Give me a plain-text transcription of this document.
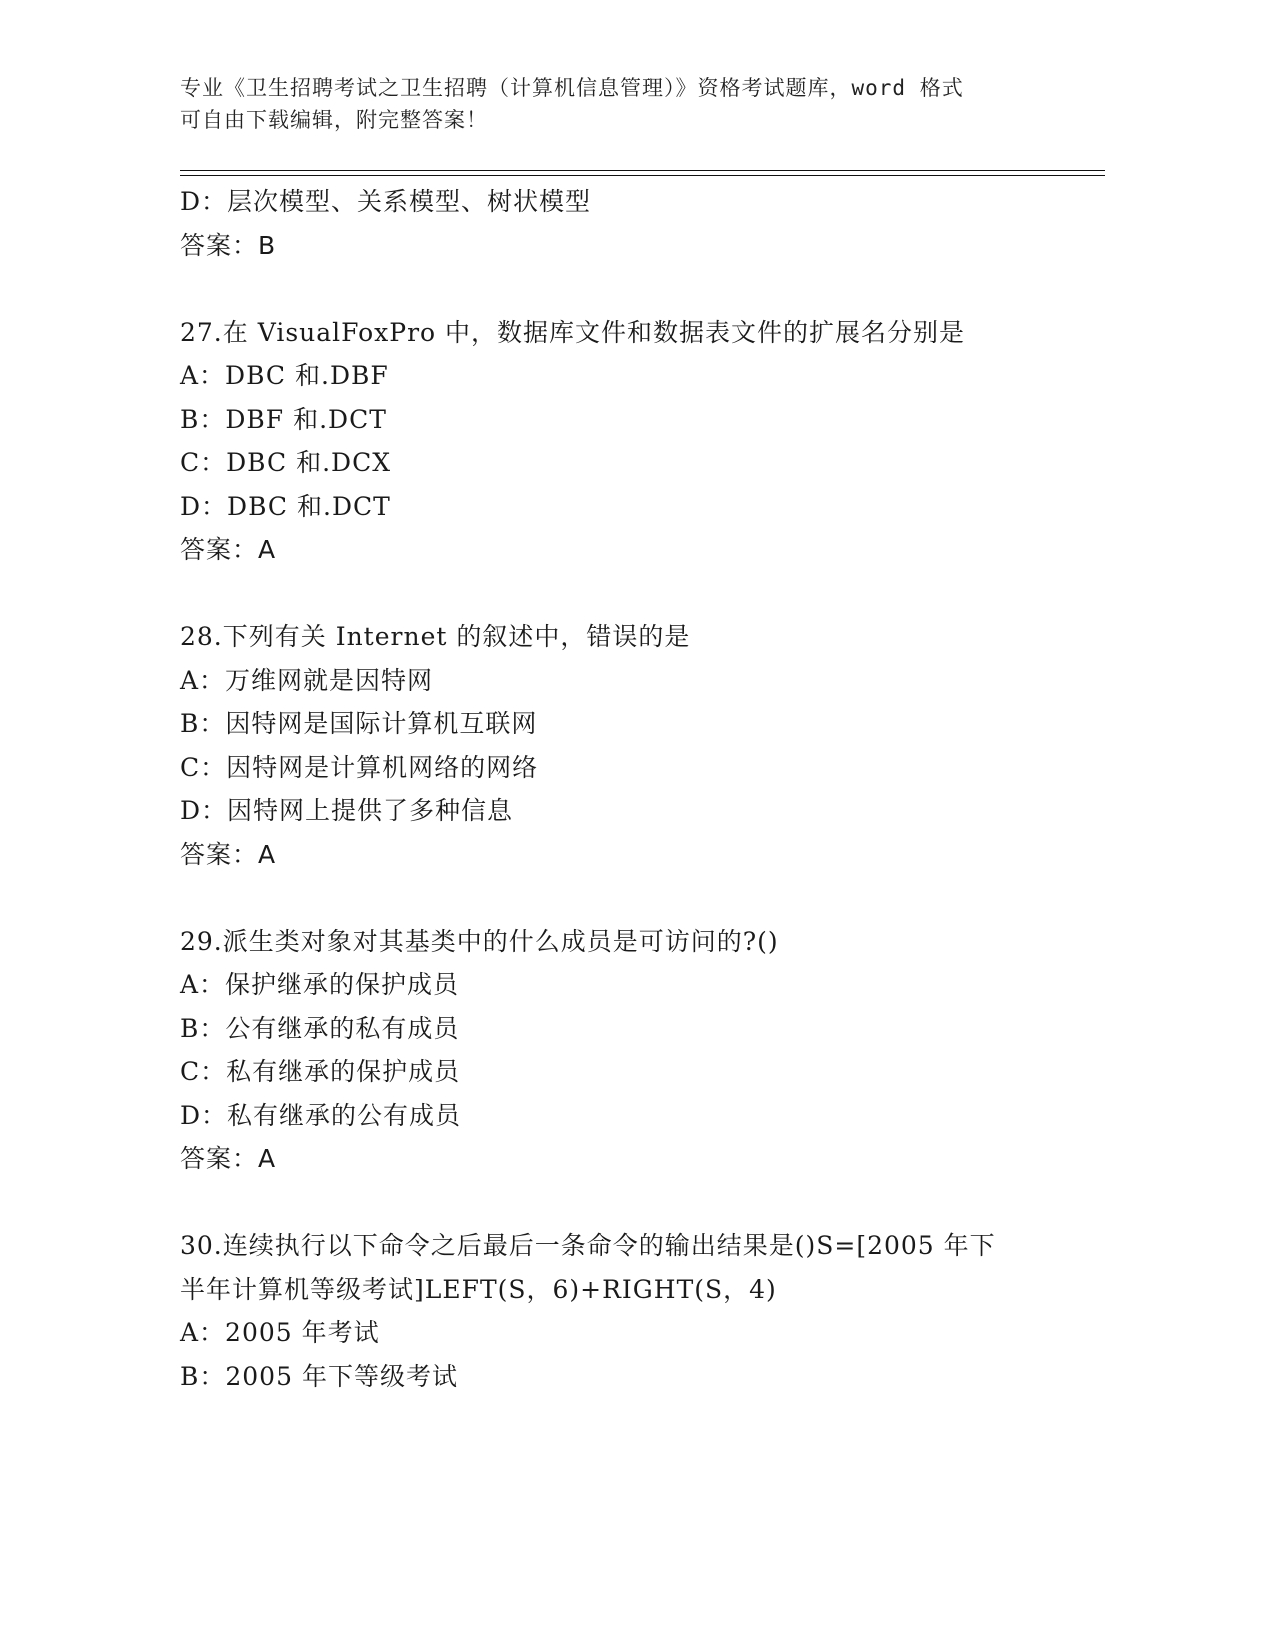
专业《卫生招聘考试之卫生招聘（计算机信息管理）》资格考试题库，word 格式
可自由下载编辑，附完整答案！
D：层次模型、关系模型、树状模型
答案：B
27.在 VisualFoxPro 中，数据库文件和数据表文件的扩展名分别是
A：DBC 和.DBF
B：DBF 和.DCT
C：DBC 和.DCX
D：DBC 和.DCT
答案：A
28.下列有关 Internet 的叙述中，错误的是
A：万维网就是因特网
B：因特网是国际计算机互联网
C：因特网是计算机网络的网络
D：因特网上提供了多种信息
答案：A
29.派生类对象对其基类中的什么成员是可访问的?()
A：保护继承的保护成员
B：公有继承的私有成员
C：私有继承的保护成员
D：私有继承的公有成员
答案：A
30.连续执行以下命令之后最后一条命令的输出结果是()S=[2005 年下
半年计算机等级考试]LEFT(S，6)+RIGHT(S，4)
A：2005 年考试
B：2005 年下等级考试
